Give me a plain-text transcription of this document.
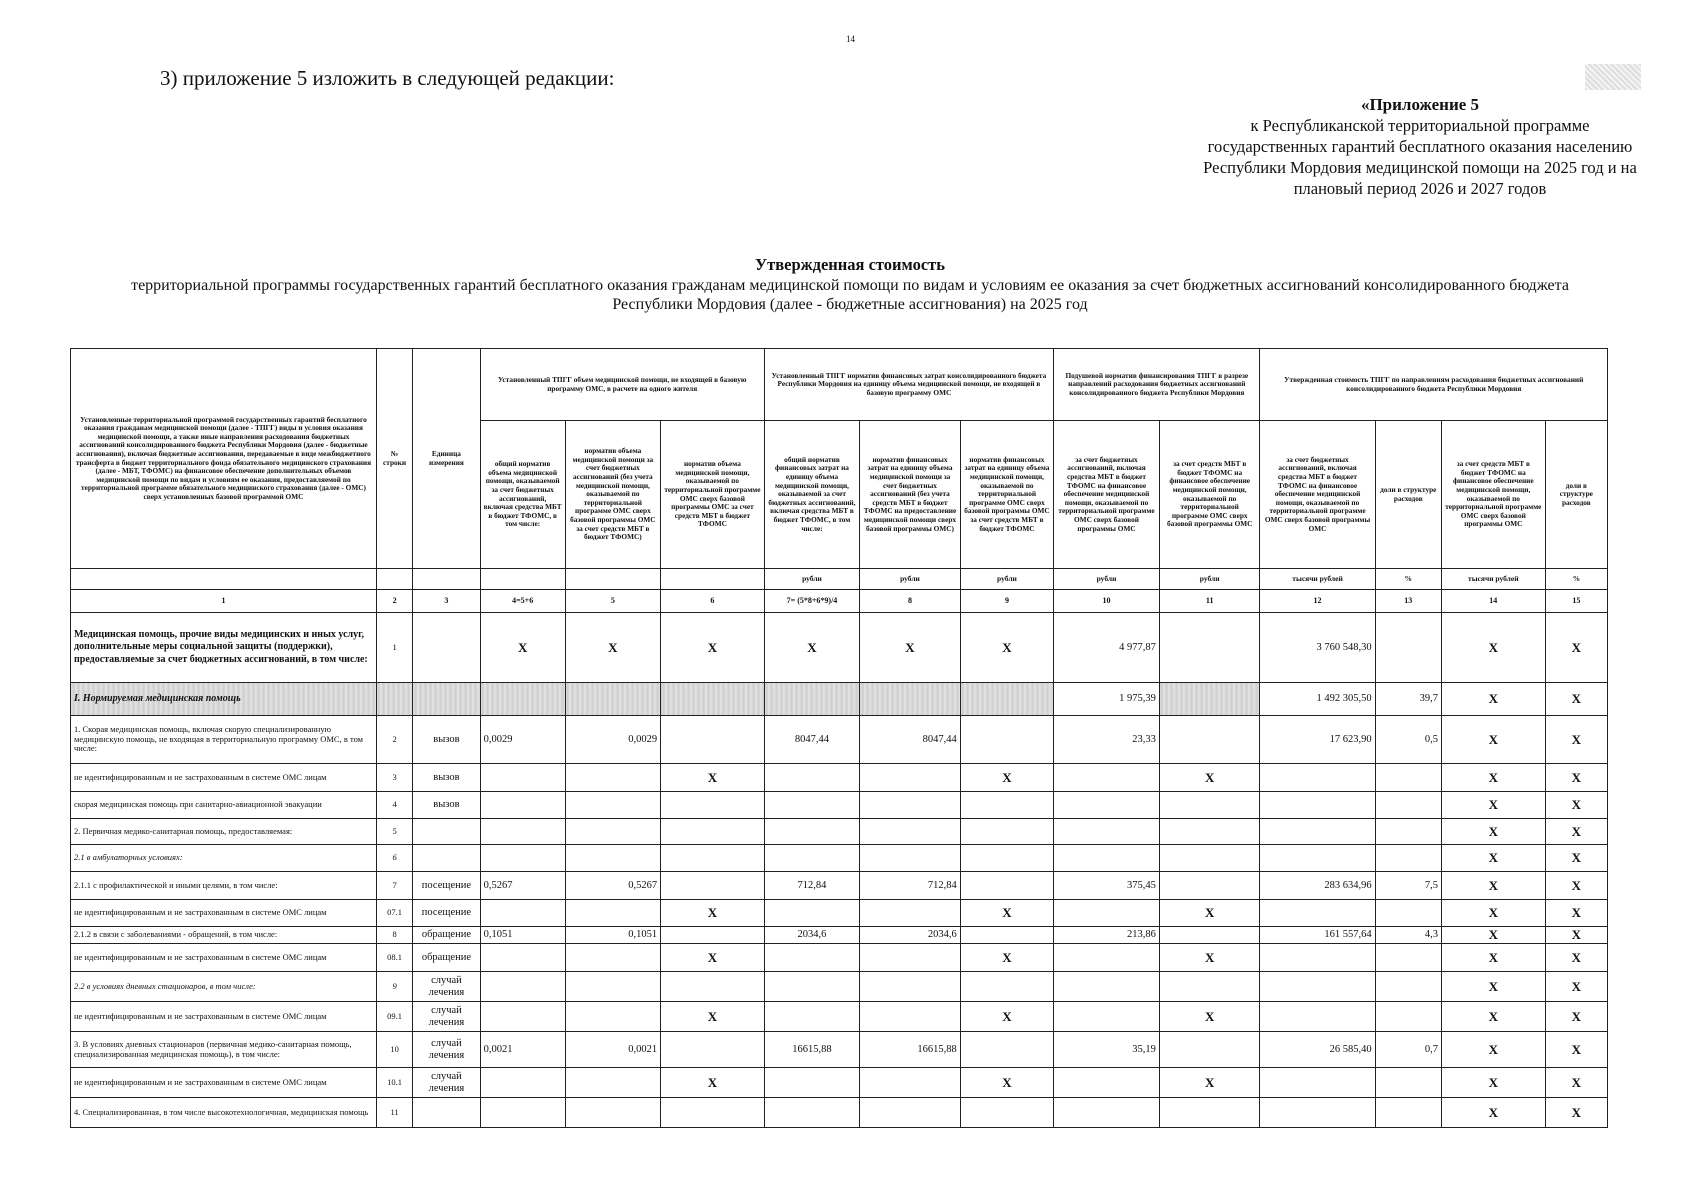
14
3) приложение 5 изложить в следующей редакции:
«Приложение 5
к Республиканской территориальной программе
государственных гарантий бесплатного оказания населению
Республики Мордовия медицинской помощи на 2025 год и на
плановый период 2026 и 2027 годов
Утвержденная стоимость
территориальной программы государственных гарантий бесплатного оказания гражданам медицинской помощи по видам и условиям ее оказания за счет бюджетных ассигнований консолидированного бюджета
Республики Мордовия (далее - бюджетные ассигнования) на 2025 год
Установленные территориальной программой государственных гарантий бесплатного оказания гражданам медицинской помощи (далее - ТПГГ) виды и условия оказания медицинской помощи, а также иные направления расходования бюджетных ассигнований консолидированного бюджета Республики Мордовия (далее - бюджетные ассигнования), включая бюджетные ассигнования, передаваемые в виде межбюджетного трансферта в бюджет территориального фонда обязательного медицинского страхования (далее - МБТ, ТФОМС) на финансовое обеспечение дополнительных объемов медицинской помощи по видам и условиям ее оказания, предоставляемой по территориальной программе обязательного медицинского страхования (далее - ОМС) сверх установленных базовой программой ОМС	№ строки	Единица измерения	Установленный ТПГГ объем медицинской помощи, не входящей в базовую программу ОМС, в расчете на одного жителя			Установленный ТПГГ норматив финансовых затрат консолидированного бюджета Республики Мордовия на единицу объема медицинской помощи, не входящей в базовую программу ОМС			Подушевой норматив финансирования ТПГГ в разрезе направлений расходования бюджетных ассигнований консолидированного бюджета Республики Мордовия		Утвержденная стоимость ТПГГ по направлениям расходования бюджетных ассигнований консолидированного бюджета Республики Мордовия			
			общий норматив объема медицинской помощи, оказываемой за счет бюджетных ассигнований, включая средства МБТ в бюджет ТФОМС, в том числе:	норматив объема медицинской помощи за счет бюджетных ассигнований (без учета медицинской помощи, оказываемой по территориальной программе ОМС сверх базовой программы ОМС за счет средств МБТ в бюджет ТФОМС)	норматив объема медицинской помощи, оказываемой по территориальной программе ОМС сверх базовой программы ОМС за счет средств МБТ в бюджет ТФОМС	общий норматив финансовых затрат на единицу объема медицинской помощи, оказываемой за счет бюджетных ассигнований, включая средства МБТ в бюджет ТФОМС, в том числе:	норматив финансовых затрат на единицу объема медицинской помощи за счет бюджетных ассигнований (без учета средств МБТ в бюджет ТФОМС на предоставление медицинской помощи сверх базовой программы ОМС)	норматив финансовых затрат на единицу объема медицинской помощи, оказываемой по территориальной программе ОМС сверх базовой программы ОМС за счет средств МБТ в бюджет ТФОМС	за счет бюджетных ассигнований, включая средства МБТ в бюджет ТФОМС на финансовое обеспечение медицинской помощи, оказываемой по территориальной программе ОМС сверх базовой программы ОМС	за счет средств МБТ в бюджет ТФОМС на финансовое обеспечение медицинской помощи, оказываемой по территориальной программе ОМС сверх базовой программы ОМС	за счет бюджетных ассигнований, включая средства МБТ в бюджет ТФОМС на финансовое обеспечение медицинской помощи, оказываемой по территориальной программе ОМС сверх базовой программы ОМС	доли в структуре расходов	за счет средств МБТ в бюджет ТФОМС на финансовое обеспечение медицинской помощи, оказываемой по территориальной программе ОМС сверх базовой программы ОМС	доли в структуре расходов
						рубли	рубли	рубли	рубли	рубли	тысячи рублей	%	тысячи рублей	%
1	2	3	4=5+6	5	6	7= (5*8+6*9)/4	8	9	10	11	12	13	14	15
Медицинская помощь, прочие виды медицинских и иных услуг, дополнительные меры социальной защиты (поддержки), предоставляемые за счет бюджетных ассигнований, в том числе:	1		Х	Х	Х	Х	Х	Х	4 977,87		3 760 548,30		Х	Х
I. Нормируемая медицинская помощь									1 975,39		1 492 305,50	39,7	Х	Х
1. Скорая медицинская помощь, включая скорую специализированную медицинскую помощь, не входящая в территориальную программу ОМС, в том числе:	2	вызов	0,0029	0,0029		8047,44	8047,44		23,33		17 623,90	0,5	Х	Х
не идентифицированным и не застрахованным в системе ОМС лицам	3	вызов			Х			Х		Х			Х	Х
скорая медицинская помощь при санитарно-авиационной эвакуации	4	вызов											Х	Х
2. Первичная медико-санитарная помощь, предоставляемая:	5												Х	Х
2.1 в амбулаторных условиях:	6												Х	Х
2.1.1 с профилактической и иными целями, в том числе:	7	посещение	0,5267	0,5267		712,84	712,84		375,45		283 634,96	7,5	Х	Х
не идентифицированным и не застрахованным в системе ОМС лицам	07.1	посещение			Х			Х		Х			Х	Х
2.1.2 в связи с заболеваниями - обращений, в том числе:	8	обращение	0,1051	0,1051		2034,6	2034,6		213,86		161 557,64	4,3	Х	Х
не идентифицированным и не застрахованным в системе ОМС лицам	08.1	обращение			Х			Х		Х			Х	Х
2.2 в условиях дневных стационаров, в том числе:	9	случай лечения											Х	Х
не идентифицированным и не застрахованным в системе ОМС лицам	09.1	случай лечения			Х			Х		Х			Х	Х
3. В условиях дневных стационаров (первичная медико-санитарная помощь, специализированная медицинская помощь), в том числе:	10	случай лечения	0,0021	0,0021		16615,88	16615,88		35,19		26 585,40	0,7	Х	Х
не идентифицированным и не застрахованным в системе ОМС лицам	10.1	случай лечения			Х			Х		Х			Х	Х
4. Специализированная, в том числе высокотехнологичная, медицинская помощь	11												Х	Х
